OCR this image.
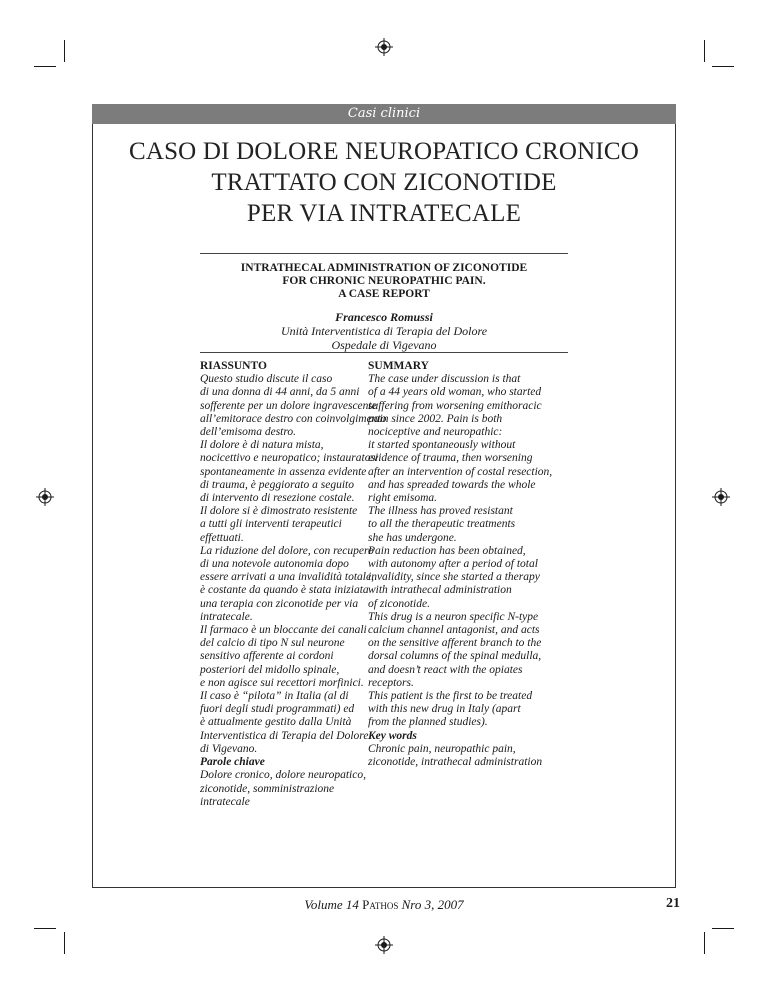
Casi clinici
CASO DI DOLORE NEUROPATICO CRONICO
TRATTATO CON ZICONOTIDE
PER VIA INTRATECALE
INTRATHECAL ADMINISTRATION OF ZICONOTIDE
FOR CHRONIC NEUROPATHIC PAIN.
A CASE REPORT
Francesco Romussi
Unità Interventistica di Terapia del Dolore
Ospedale di Vigevano
RIASSUNTO
Questo studio discute il caso
di una donna di 44 anni, da 5 anni
sofferente per un dolore ingravescente
all’emitorace destro con coinvolgimento
dell’emisoma destro.
Il dolore è di natura mista,
nocicettivo e neuropatico; instauratosi
spontaneamente in assenza evidente
di trauma, è peggiorato a seguito
di intervento di resezione costale.
Il dolore si è dimostrato resistente
a tutti gli interventi terapeutici
effettuati.
La riduzione del dolore, con recupero
di una notevole autonomia dopo
essere arrivati a una invalidità totale,
è costante da quando è stata iniziata
una terapia con ziconotide per via
intratecale.
Il farmaco è un bloccante dei canali
del calcio di tipo N sul neurone
sensitivo afferente ai cordoni
posteriori del midollo spinale,
e non agisce sui recettori morfinici.
Il caso è “pilota” in Italia (al di
fuori degli studi programmati) ed
è attualmente gestito dalla Unità
Interventistica di Terapia del Dolore
di Vigevano.
Parole chiave
Dolore cronico, dolore neuropatico,
ziconotide, somministrazione
intratecale
SUMMARY
The case under discussion is that
of a 44 years old woman, who started
suffering from worsening emithoracic
pain since 2002. Pain is both
nociceptive and neuropathic:
it started spontaneously without
evidence of trauma, then worsening
after an intervention of costal resection,
and has spreaded towards the whole
right emisoma.
The illness has proved resistant
to all the therapeutic treatments
she has undergone.
Pain reduction has been obtained,
with autonomy after a period of total
invalidity, since she started a therapy
with intrathecal administration
of ziconotide.
This drug is a neuron specific N-type
calcium channel antagonist, and acts
on the sensitive afferent branch to the
dorsal columns of the spinal medulla,
and doesn’t react with the opiates
receptors.
This patient is the first to be treated
with this new drug in Italy (apart
from the planned studies).
Key words
Chronic pain, neuropathic pain,
ziconotide, intrathecal administration
Volume 14 Pathos Nro 3, 2007	21
